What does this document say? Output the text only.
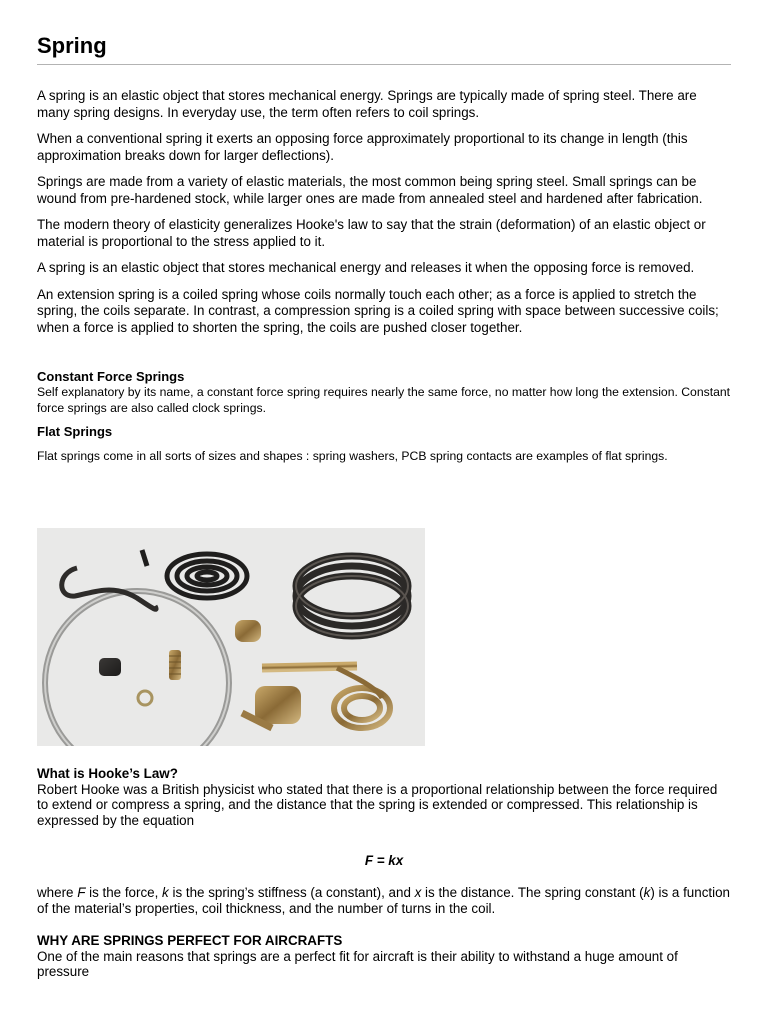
Spring

A spring is an elastic object that stores mechanical energy. Springs are typically made of spring steel. There are many spring designs. In everyday use, the term often refers to coil springs.

When a conventional spring it exerts an opposing force approximately proportional to its change in length (this approximation breaks down for larger deflections).

Springs are made from a variety of elastic materials, the most common being spring steel. Small springs can be wound from pre-hardened stock, while larger ones are made from annealed steel and hardened after fabrication.

The modern theory of elasticity generalizes Hooke's law to say that the strain (deformation) of an elastic object or material is proportional to the stress applied to it.

A spring is an elastic object that stores mechanical energy and releases it when the opposing force is removed.

An extension spring is a coiled spring whose coils normally touch each other; as a force is applied to stretch the spring, the coils separate. In contrast, a compression spring is a coiled spring with space between successive coils; when a force is applied to shorten the spring, the coils are pushed closer together.

Constant Force Springs

Self explanatory by its name, a constant force spring requires nearly the same force, no matter how long the extension. Constant force springs are also called clock springs.

Flat Springs

Flat springs come in all sorts of sizes and shapes : spring washers, PCB spring contacts are examples of flat springs.

What is Hooke’s Law?

Robert Hooke was a British physicist who stated that there is a proportional relationship between the force required to extend or compress a spring, and the distance that the spring is extended or compressed. This relationship is expressed by the equation

F = kx

where F is the force, k is the spring’s stiffness (a constant), and x is the distance. The spring constant (k) is a function of the material’s properties, coil thickness, and the number of turns in the coil.

WHY ARE SPRINGS PERFECT FOR AIRCRAFTS

One of the main reasons that springs are a perfect fit for aircraft is their ability to withstand a huge amount of pressure
